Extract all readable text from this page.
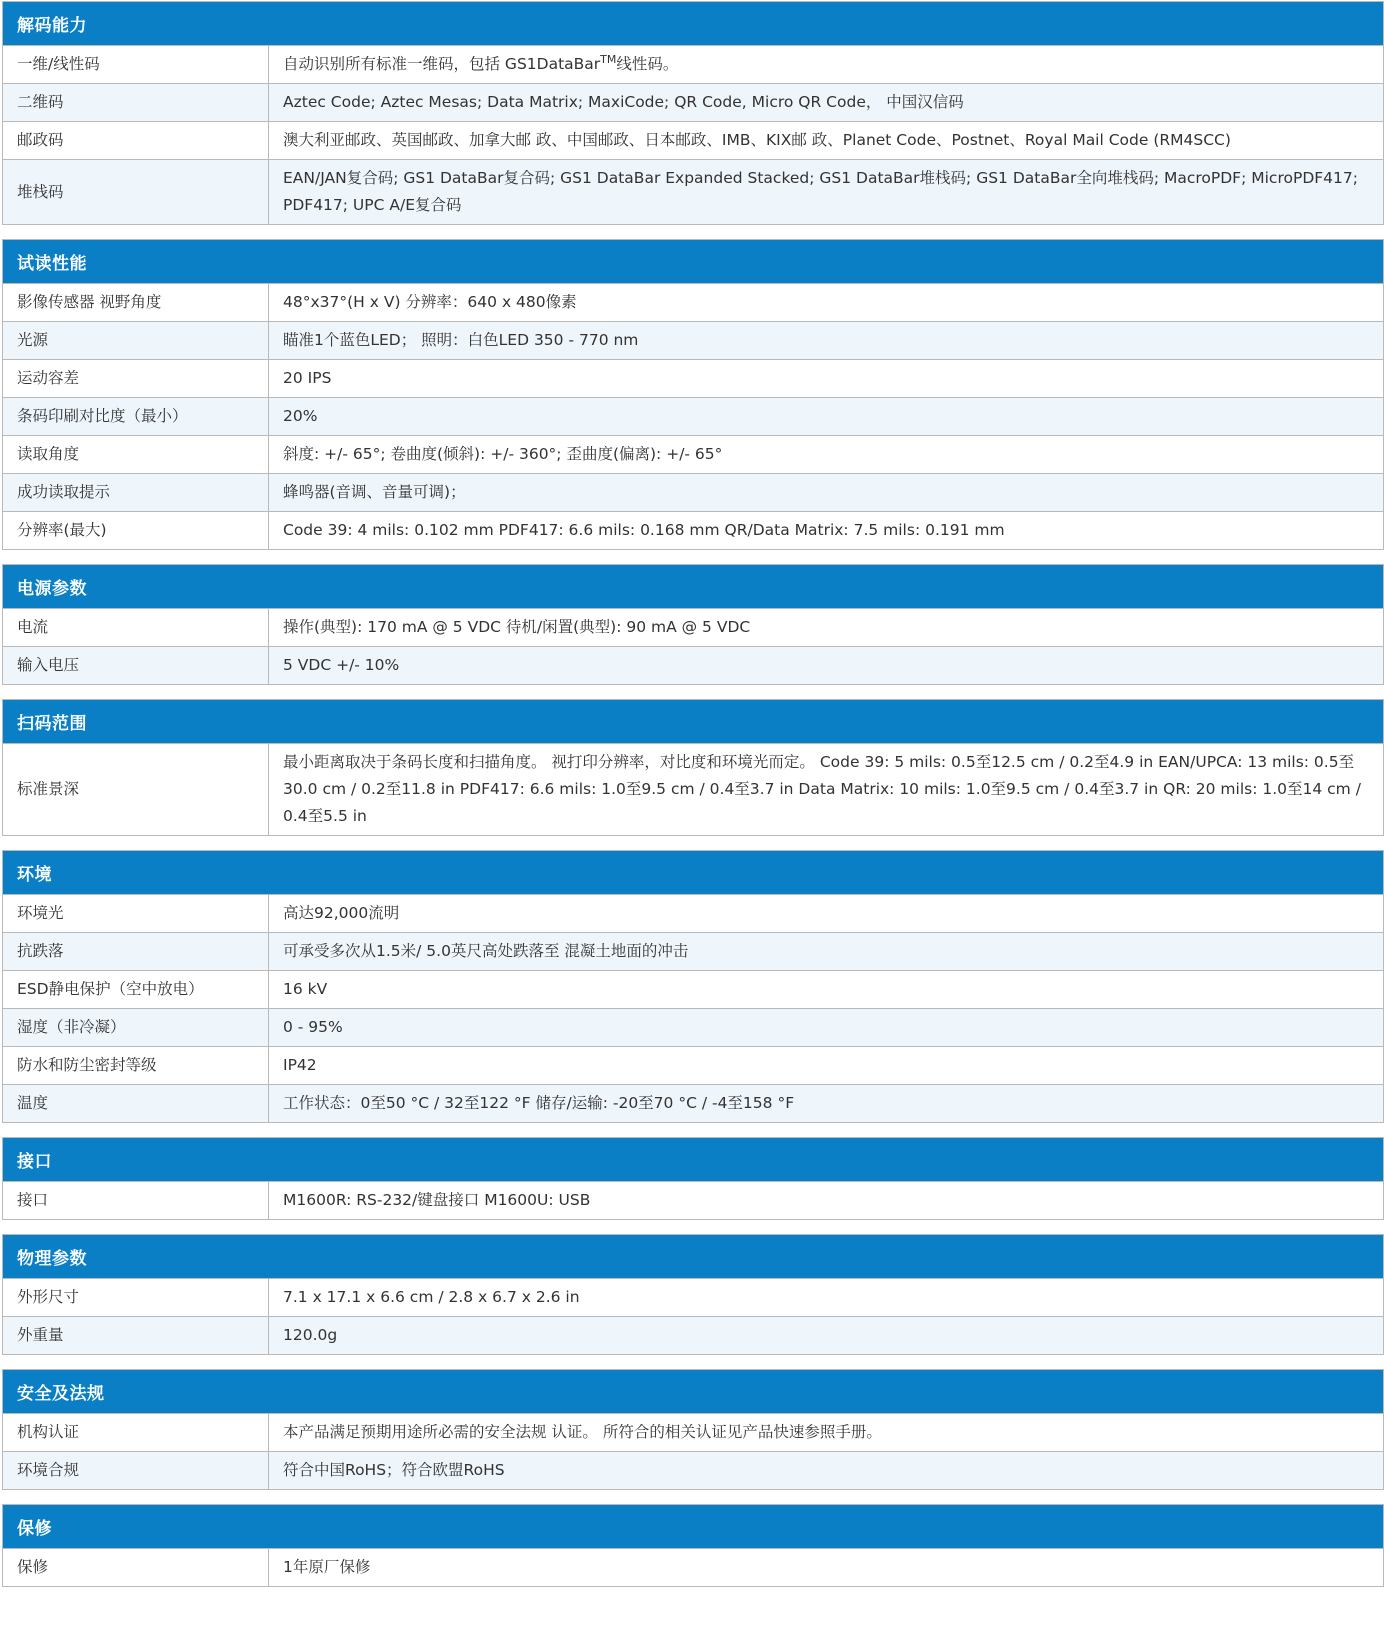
解码能力	
一维/线性码	自动识别所有标准一维码，包括 GS1DataBar™线性码。
二维码	Aztec Code; Aztec Mesas; Data Matrix; MaxiCode; QR Code, Micro QR Code， 中国汉信码
邮政码	澳大利亚邮政、英国邮政、加拿大邮 政、中国邮政、日本邮政、IMB、KIX邮 政、Planet Code、Postnet、Royal Mail Code (RM4SCC)
堆栈码	EAN/JAN复合码; GS1 DataBar复合码; GS1 DataBar Expanded Stacked; GS1 DataBar堆栈码; GS1 DataBar全向堆栈码; MacroPDF; MicroPDF417; PDF417; UPC A/E复合码
试读性能	
影像传感器 视野角度	48°x37°(H x V) 分辨率：640 x 480像素
光源	瞄准1个蓝色LED； 照明：白色LED 350 - 770 nm
运动容差	20 IPS
条码印刷对比度（最小）	20%
读取角度	斜度: +/- 65°; 卷曲度(倾斜): +/- 360°; 歪曲度(偏离): +/- 65°
成功读取提示	蜂鸣器(音调、音量可调)；
分辨率(最大)	Code 39: 4 mils: 0.102 mm PDF417: 6.6 mils: 0.168 mm QR/Data Matrix: 7.5 mils: 0.191 mm
电源参数	
电流	操作(典型): 170 mA @ 5 VDC 待机/闲置(典型): 90 mA @ 5 VDC
输入电压	5 VDC +/- 10%
扫码范围
标准景深	最小距离取决于条码长度和扫描角度。 视打印分辨率，对比度和环境光而定。 Code 39: 5 mils: 0.5至12.5 cm / 0.2至4.9 in EAN/UPCA: 13 mils: 0.5至30.0 cm / 0.2至11.8 in PDF417: 6.6 mils: 1.0至9.5 cm / 0.4至3.7 in Data Matrix: 10 mils: 1.0至9.5 cm / 0.4至3.7 in QR: 20 mils: 1.0至14 cm / 0.4至5.5 in
环境	
环境光	高达92,000流明
抗跌落	可承受多次从1.5米/ 5.0英尺高处跌落至 混凝土地面的冲击
ESD静电保护（空中放电）	16 kV
湿度（非冷凝）	0 - 95%
防水和防尘密封等级	IP42
温度	工作状态：0至50 °C / 32至122 °F 储存/运输: -20至70 °C / -4至158 °F
接口
接口	M1600R: RS-232/键盘接口 M1600U: USB
物理参数	
外形尺寸	7.1 x 17.1 x 6.6 cm / 2.8 x 6.7 x 2.6 in
外重量	120.0g
安全及法规	
机构认证	本产品满足预期用途所必需的安全法规 认证。 所符合的相关认证见产品快速参照手册。
环境合规	符合中国RoHS；符合欧盟RoHS
保修
保修	1年原厂保修
